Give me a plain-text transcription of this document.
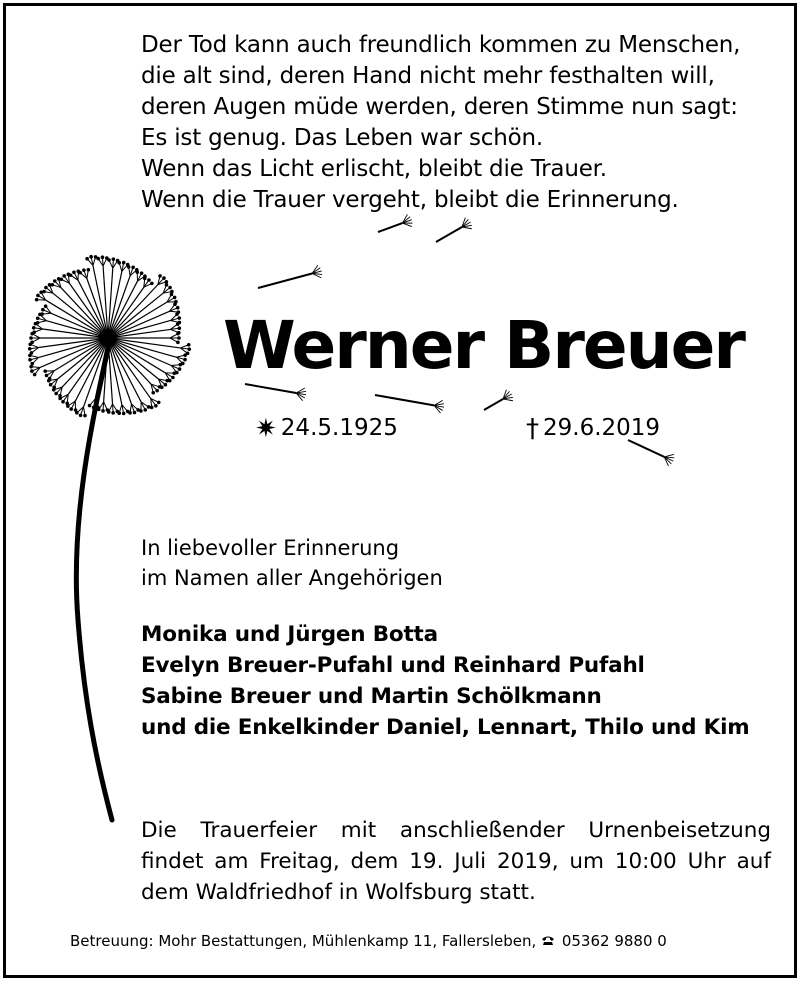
Der Tod kann auch freundlich kommen zu Menschen,
die alt sind, deren Hand nicht mehr festhalten will,
deren Augen müde werden, deren Stimme nun sagt:
Es ist genug. Das Leben war schön.
Wenn das Licht erlischt, bleibt die Trauer.
Wenn die Trauer vergeht, bleibt die Erinnerung.
Werner Breuer
✷ 24.5.1925	† 29.6.2019
In liebevoller Erinnerung
im Namen aller Angehörigen
Monika und Jürgen Botta
Evelyn Breuer-Pufahl und Reinhard Pufahl
Sabine Breuer und Martin Schölkmann
und die Enkelkinder Daniel, Lennart, Thilo und Kim
Die Trauerfeier mit anschließender Urnenbeisetzung
findet am Freitag, dem 19. Juli 2019, um 10:00 Uhr auf
dem Waldfriedhof in Wolfsburg statt.
Betreuung: Mohr Bestattungen, Mühlenkamp 11, Fallersleben, 05362 9880 0
